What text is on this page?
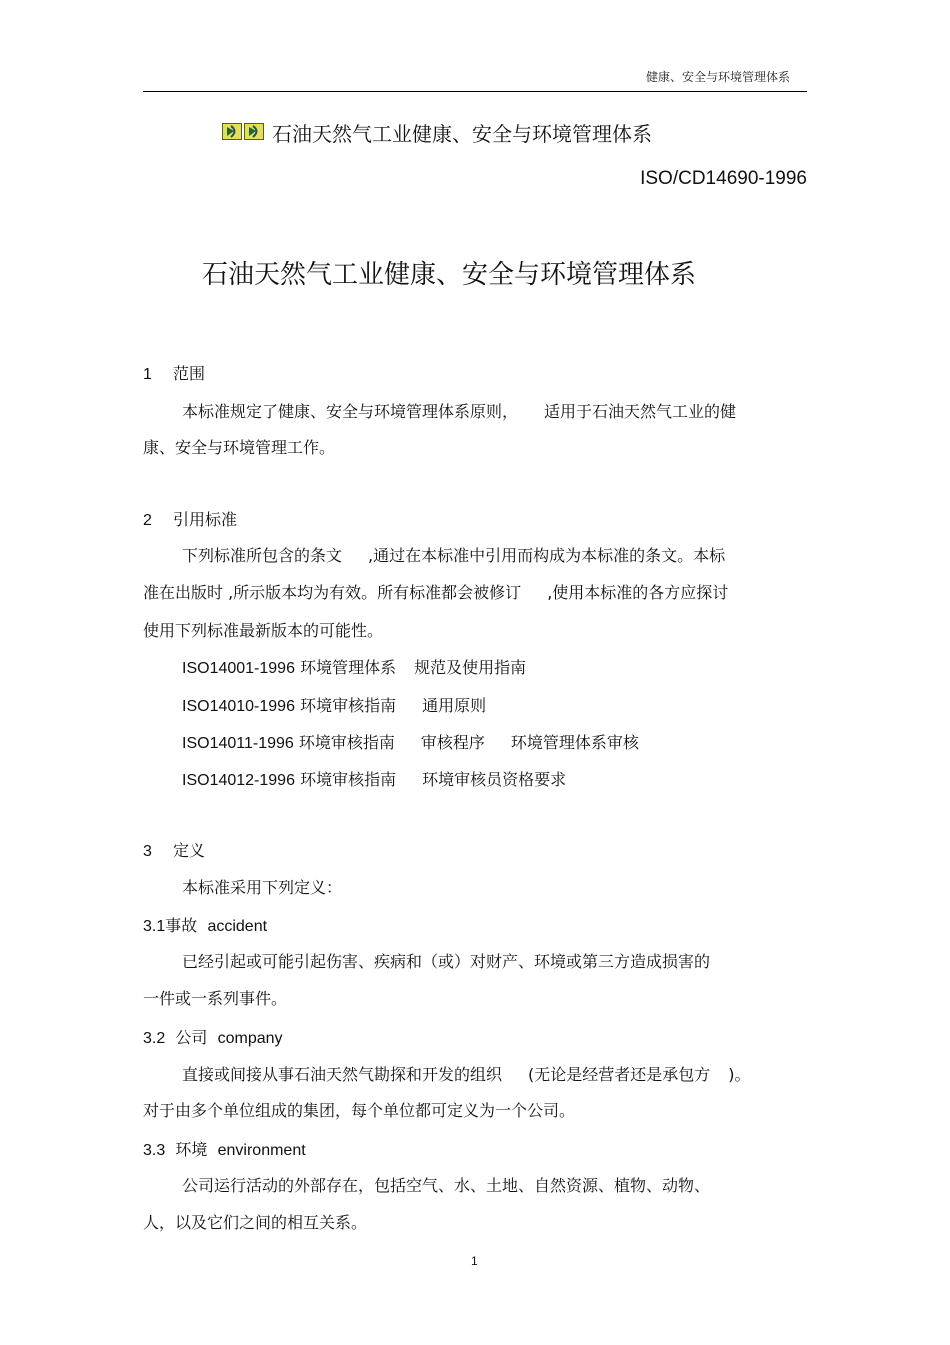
健康、安全与环境管理体系
石油天然气工业健康、安全与环境管理体系
ISO/CD14690-1996
石油天然气工业健康、安全与环境管理体系
1 范围
本标准规定了健康、安全与环境管理体系原则， 适用于石油天然气工业的健
康、安全与环境管理工作。
2 引用标准
下列标准所包含的条文 ,通过在本标准中引用而构成为本标准的条文。本标
准在出版时 ,所示版本均为有效。所有标准都会被修订 ,使用本标准的各方应探讨
使用下列标准最新版本的可能性。
ISO14001-1996 环境管理体系 规范及使用指南
ISO14010-1996 环境审核指南 通用原则
ISO14011-1996 环境审核指南 审核程序 环境管理体系审核
ISO14012-1996 环境审核指南 环境审核员资格要求
3 定义
本标准采用下列定义：
3.1事故 accident
已经引起或可能引起伤害、疾病和（或）对财产、环境或第三方造成损害的
一件或一系列事件。
3.2 公司 company
直接或间接从事石油天然气勘探和开发的组织 (无论是经营者还是承包方 )。
对于由多个单位组成的集团，每个单位都可定义为一个公司。
3.3 环境 environment
公司运行活动的外部存在，包括空气、水、土地、自然资源、植物、动物、
人，以及它们之间的相互关系。
1
